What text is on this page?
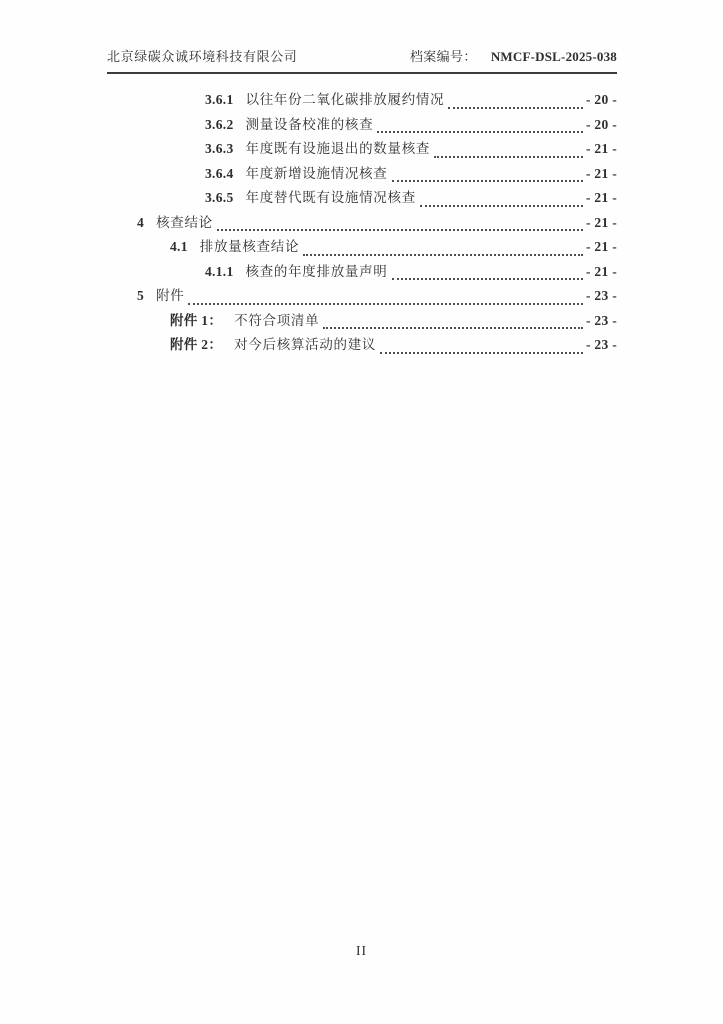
北京绿碳众诚环境科技有限公司	档案编号： NMCF-DSL-2025-038
3.6.1 以往年份二氧化碳排放履约情况	- 20 -
3.6.2 测量设备校准的核查	- 20 -
3.6.3 年度既有设施退出的数量核查	- 21 -
3.6.4 年度新增设施情况核查	- 21 -
3.6.5 年度替代既有设施情况核查	- 21 -
4 核查结论	- 21 -
4.1 排放量核查结论	- 21 -
4.1.1 核查的年度排放量声明	- 21 -
5 附件	- 23 -
附件 1： 不符合项清单	- 23 -
附件 2： 对今后核算活动的建议	- 23 -
II
